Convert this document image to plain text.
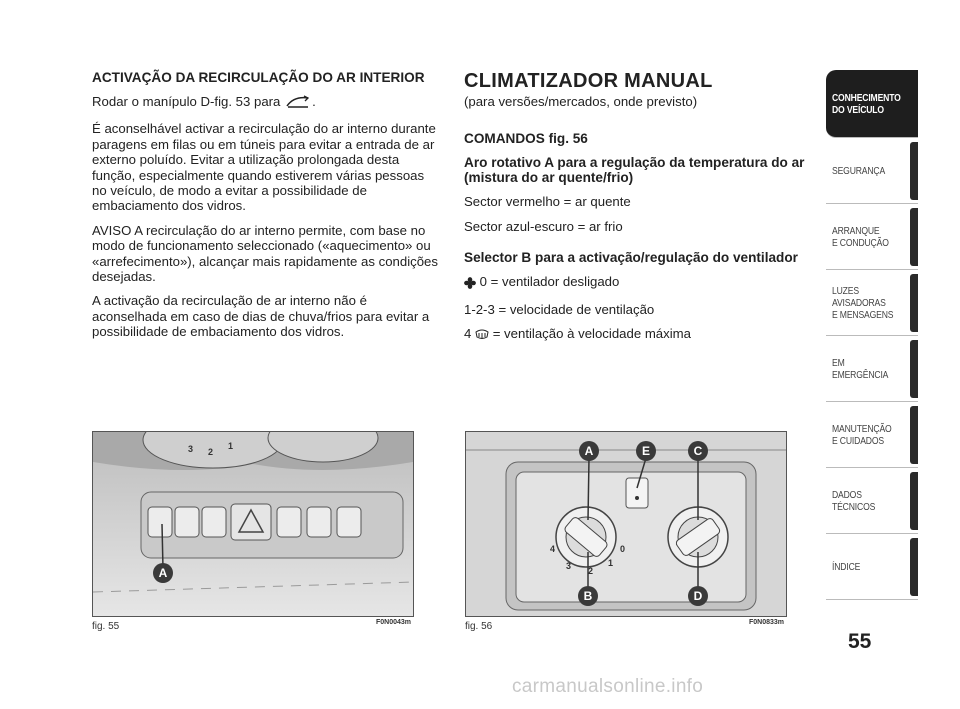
ACTIVAÇÃO DA RECIRCULAÇÃO DO AR INTERIOR

Rodar o manípulo D-fig. 53 para .

É aconselhável activar a recirculação do ar interno durante paragens em filas ou em túneis para evitar a entrada de ar externo poluído. Evitar a utilização prolongada desta função, especialmente quando estiverem várias pessoas no veículo, de modo a evitar a possibilidade de embaciamento dos vidros.

AVISO A recirculação do ar interno permite, com base no modo de funcionamento seleccionado («aquecimento» ou «arrefecimento»), alcançar mais rapidamente as condições desejadas.

A activação da recirculação de ar interno não é aconselhada em caso de dias de chuva/frios para evitar a possibilidade de embaciamento dos vidros.

CLIMATIZADOR MANUAL

(para versões/mercados, onde previsto)

COMANDOS fig. 56

Aro rotativo A para a regulação da temperatura do ar (mistura do ar quente/frio)

Sector vermelho = ar quente

Sector azul-escuro = ar frio

Selector B para a activação/regulação do ventilador

0 = ventilador desligado

1-2-3 = velocidade de ventilação

4 = ventilação à velocidade máxima

CONHECIMENTO
DO VEÍCULO
SEGURANÇA
ARRANQUE
E CONDUÇÃO
LUZES
AVISADORAS
E MENSAGENS
EM EMERGÊNCIA
MANUTENÇÃO
E CUIDADOS
DADOS
TÉCNICOS
ÍNDICE
55
3 2
1
A
fig. 55	F0N0043m
4
3 2
1
0
A	E	C
B	D
fig. 56	F0N0833m
carmanualsonline.info
